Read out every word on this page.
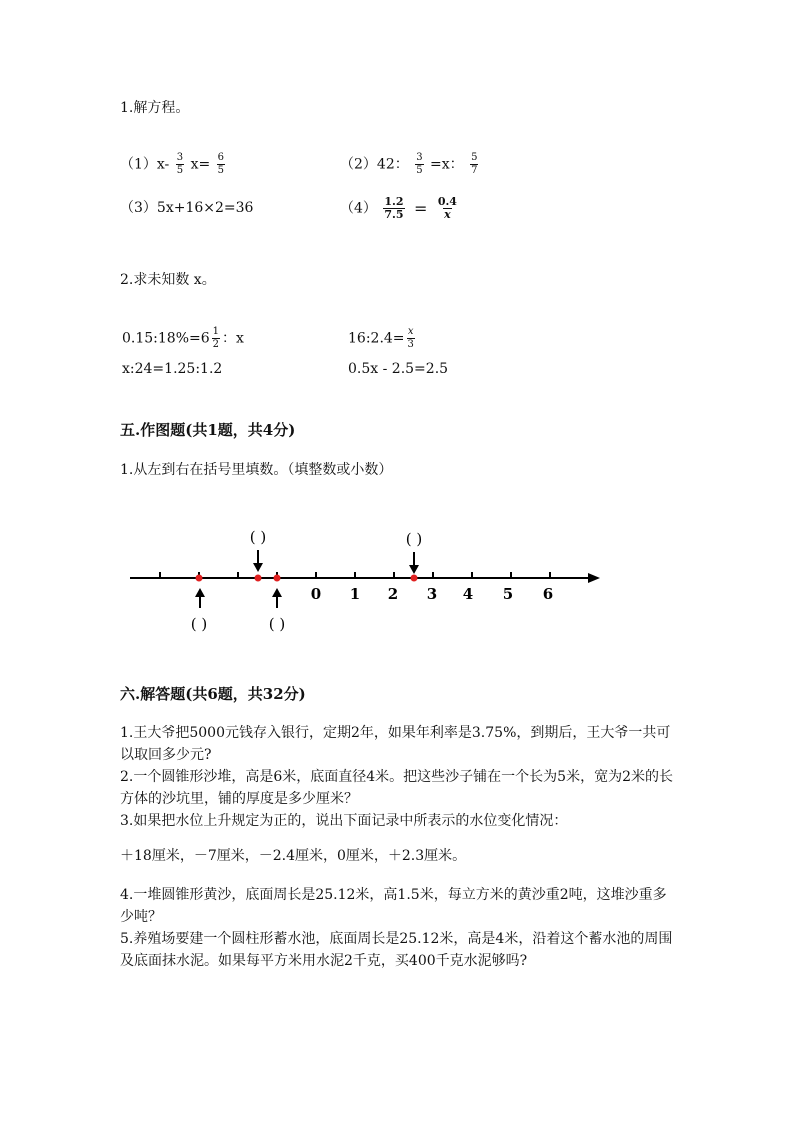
1.解方程。
$(1)x- \frac{3}{5} x= \frac{6}{5}$	（2）42： $\frac{3}{5} =x$： $\frac{5}{7}$
（3）5x+16×2=36	$(4) \frac{1.2}{7.5} = \frac{0.4}{x}$
2.求未知数 x。
0.15:18%=6 $\frac{1}{2}$ ：x	16:2.4= $\frac{x}{3}$
x:24=1.25:1.2	0.5x - 2.5=2.5
五.作图题(共1题，共4分)
1.从左到右在括号里填数。（填整数或小数）
0 1 2 3 4 5 6
( )	( )
( )	( )
六.解答题(共6题，共32分)
1.王大爷把5000元钱存入银行，定期2年，如果年利率是3.75%，到期后，王大爷一共可以取回多少元?
2.一个圆锥形沙堆，高是6米，底面直径4米。把这些沙子铺在一个长为5米，宽为2米的长方体的沙坑里，铺的厚度是多少厘米？
3.如果把水位上升规定为正的，说出下面记录中所表示的水位变化情况：
＋18厘米，－7厘米，－2.4厘米，0厘米，＋2.3厘米。
4.一堆圆锥形黄沙，底面周长是25.12米，高1.5米，每立方米的黄沙重2吨，这堆沙重多少吨？
5.养殖场要建一个圆柱形蓄水池，底面周长是25.12米，高是4米，沿着这个蓄水池的周围及底面抹水泥。如果每平方米用水泥2千克，买400千克水泥够吗?
